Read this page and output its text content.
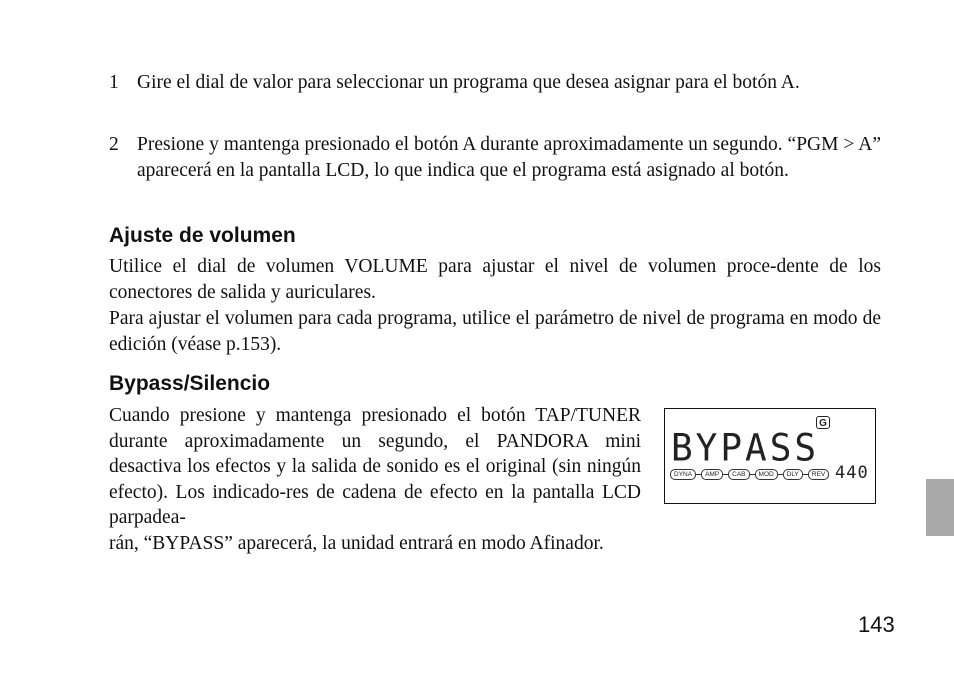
1 Gire el dial de valor para seleccionar un programa que desea asignar para el botón A.
2 Presione y mantenga presionado el botón A durante aproximadamente un segundo. “PGM > A” aparecerá en la pantalla LCD, lo que indica que el programa está asignado al botón.
Ajuste de volumen

Utilice el dial de volumen VOLUME para ajustar el nivel de volumen proce-dente de los conectores de salida y auriculares.

Para ajustar el volumen para cada programa, utilice el parámetro de nivel de programa en modo de edición (véase p.153).

Bypass/Silencio

Cuando presione y mantenga presionado el botón TAP/TUNER durante aproximadamente un segundo, el PANDORA mini desactiva los efectos y la salida de sonido es el original (sin ningún efecto). Los indicado-res de cadena de efecto en la pantalla LCD parpadea-

rán, “BYPASS” aparecerá, la unidad entrará en modo Afinador.

G
BYPASS
DYNA	AMP	CAB	MOD	DLY	REV 440
143
